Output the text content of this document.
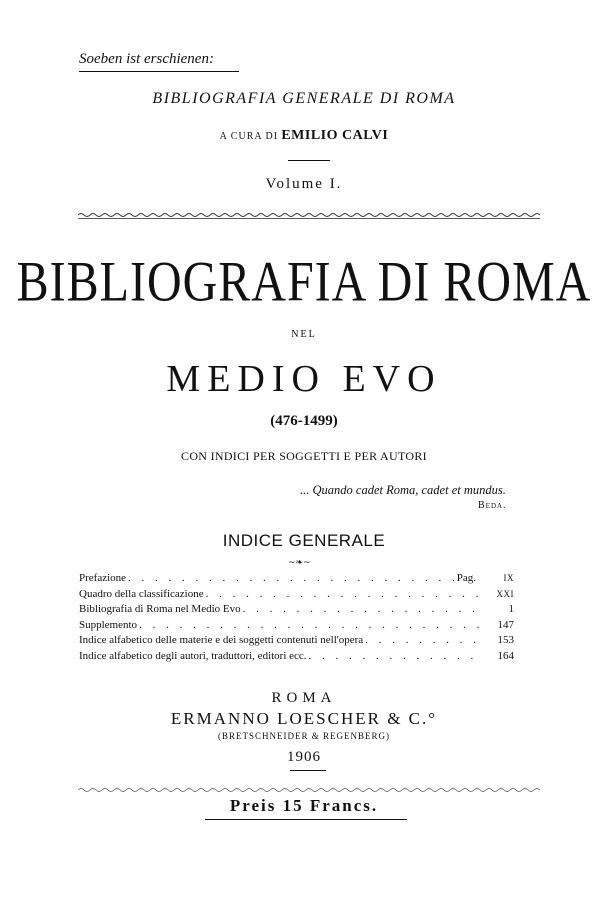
Soeben ist erschienen:
BIBLIOGRAFIA GENERALE DI ROMA
A CURA DI EMILIO CALVI
Volume I.
BIBLIOGRAFIA DI ROMA
NEL
MEDIO EVO
(476-1499)
CON INDICI PER SOGGETTI E PER AUTORI
... Quando cadet Roma, cadet et mundus.
Beda.
INDICE GENERALE
~❧~
Prefazione . . .	Pag.	IX
Quadro della classificazione . . .	XXI
Bibliografia di Roma nel Medio Evo . . .	1
Supplemento . . .	147
Indice alfabetico delle materie e dei soggetti contenuti nell'opera . . .	153
Indice alfabetico degli autori, traduttori, editori ecc. . . .	164
ROMA
ERMANNO LOESCHER & C.°
(BRETSCHNEIDER & REGENBERG)
1906
Preis 15 Francs.
